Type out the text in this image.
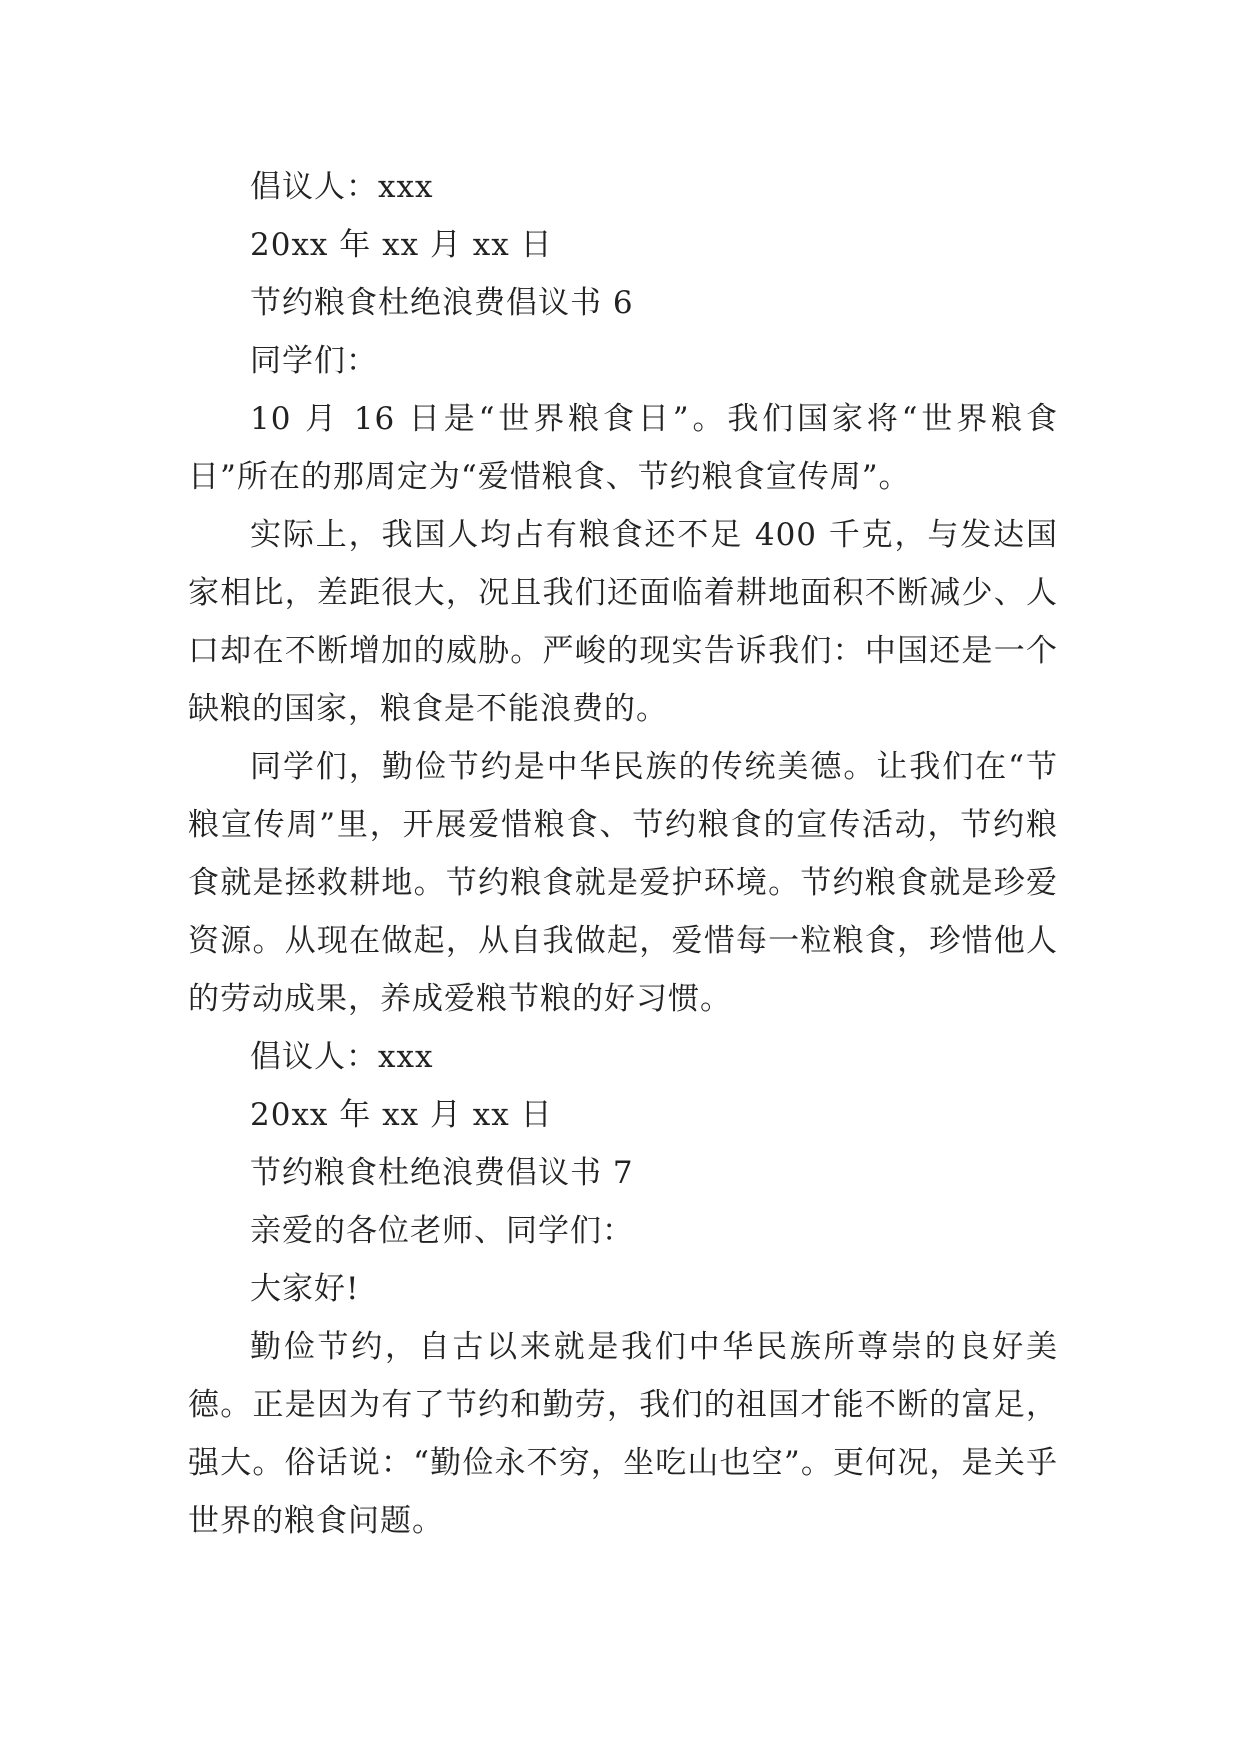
倡议人：xxx

20xx 年 xx 月 xx 日

节约粮食杜绝浪费倡议书 6

同学们：

10 月 16 日是“世界粮食日”。我们国家将“世界粮食日”所在的那周定为“爱惜粮食、节约粮食宣传周”。

实际上，我国人均占有粮食还不足 400 千克，与发达国家相比，差距很大，况且我们还面临着耕地面积不断减少、人口却在不断增加的威胁。严峻的现实告诉我们：中国还是一个缺粮的国家，粮食是不能浪费的。

同学们，勤俭节约是中华民族的传统美德。让我们在“节粮宣传周”里，开展爱惜粮食、节约粮食的宣传活动，节约粮食就是拯救耕地。节约粮食就是爱护环境。节约粮食就是珍爱资源。从现在做起，从自我做起，爱惜每一粒粮食，珍惜他人的劳动成果，养成爱粮节粮的好习惯。

倡议人：xxx

20xx 年 xx 月 xx 日

节约粮食杜绝浪费倡议书 7

亲爱的各位老师、同学们：

大家好!

勤俭节约，自古以来就是我们中华民族所尊崇的良好美德。正是因为有了节约和勤劳，我们的祖国才能不断的富足，强大。俗话说：“勤俭永不穷，坐吃山也空”。更何况，是关乎世界的粮食问题。
